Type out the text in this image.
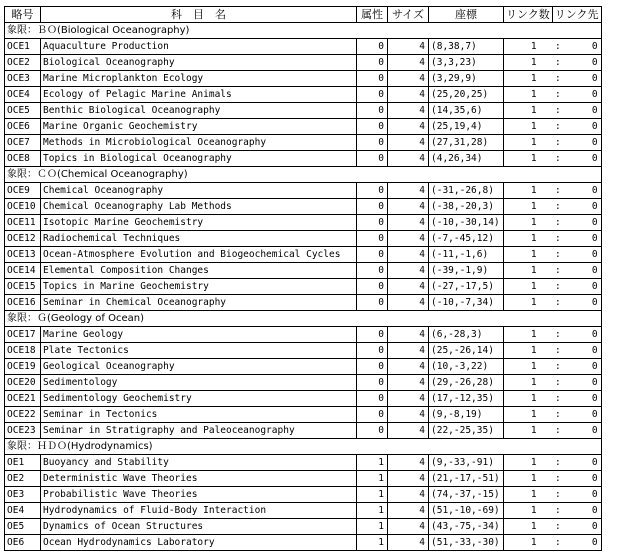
略号	科　目　名	属性	サイズ	座標	リンク数		リンク先	
象限：ＢＯ(Biological Oceanography)								
OCE1	Aquaculture Production	0	4	(8,38,7)	1		:	0
OCE2	Biological Oceanography	0	4	(3,3,23)	1		:	0
OCE3	Marine Microplankton Ecology	0	4	(3,29,9)	1		:	0
OCE4	Ecology of Pelagic Marine Animals	0	4	(25,20,25)	1		:	0
OCE5	Benthic Biological Oceanography	0	4	(14,35,6)	1		:	0
OCE6	Marine Organic Geochemistry	0	4	(25,19,4)	1		:	0
OCE7	Methods in Microbiological Oceanography	0	4	(27,31,28)	1		:	0
OCE8	Topics in Biological Oceanography	0	4	(4,26,34)	1		:	0
象限：ＣＯ(Chemical Oceanography)								
OCE9	Chemical Oceanography	0	4	(-31,-26,8)	1		:	0
OCE10	Chemical Oceanography Lab Methods	0	4	(-38,-20,3)	1		:	0
OCE11	Isotopic Marine Geochemistry	0	4	(-10,-30,14)	1		:	0
OCE12	Radiochemical Techniques	0	4	(-7,-45,12)	1		:	0
OCE13	Ocean-Atmosphere Evolution and Biogeochemical Cycles	0	4	(-11,-1,6)	1		:	0
OCE14	Elemental Composition Changes	0	4	(-39,-1,9)	1		:	0
OCE15	Topics in Marine Geochemistry	0	4	(-27,-17,5)	1		:	0
OCE16	Seminar in Chemical Oceanography	0	4	(-10,-7,34)	1		:	0
象限：Ｇ(Geology of Ocean)								
OCE17	Marine Geology	0	4	(6,-28,3)	1		:	0
OCE18	Plate Tectonics	0	4	(25,-26,14)	1		:	0
OCE19	Geological Oceanography	0	4	(10,-3,22)	1		:	0
OCE20	Sedimentology	0	4	(29,-26,28)	1		:	0
OCE21	Sedimentology Geochemistry	0	4	(17,-12,35)	1		:	0
OCE22	Seminar in Tectonics	0	4	(9,-8,19)	1		:	0
OCE23	Seminar in Stratigraphy and Paleoceanography	0	4	(22,-25,35)	1		:	0
象限：ＨＤＯ(Hydrodynamics)								
OE1	Buoyancy and Stability	1	4	(9,-33,-91)	1		:	0
OE2	Deterministic Wave Theories	1	4	(21,-17,-51)	1		:	0
OE3	Probabilistic Wave Theories	1	4	(74,-37,-15)	1		:	0
OE4	Hydrodynamics of Fluid-Body Interaction	1	4	(51,-10,-69)	1		:	0
OE5	Dynamics of Ocean Structures	1	4	(43,-75,-34)	1		:	0
OE6	Ocean Hydrodynamics Laboratory	1	4	(51,-33,-30)	1		:	0
